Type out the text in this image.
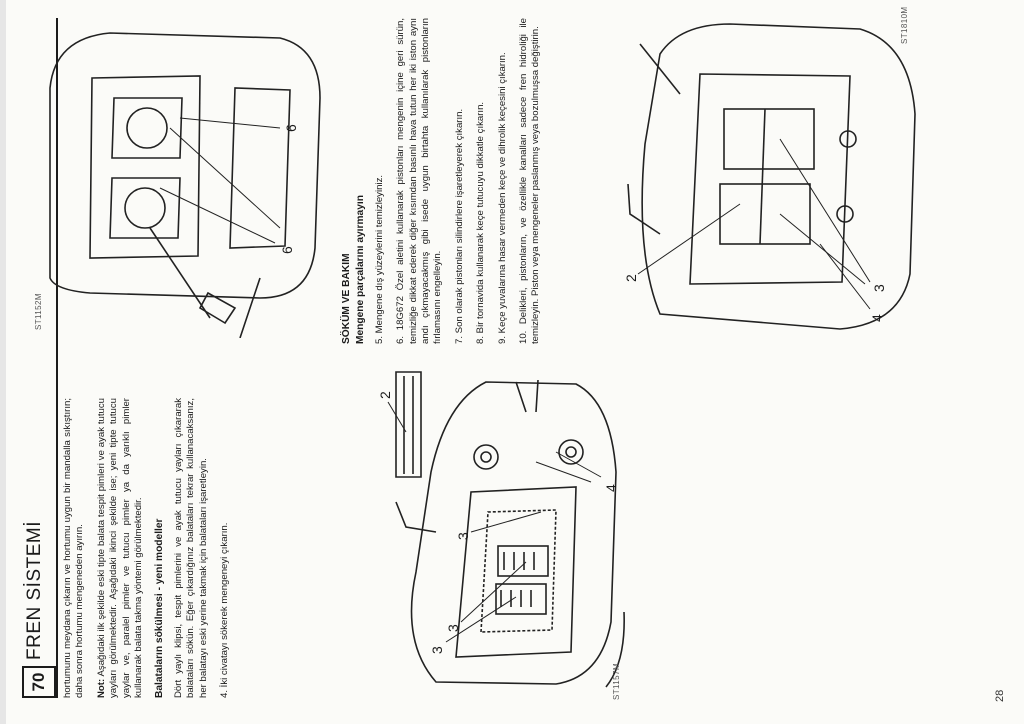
70
FREN SİSTEMİ hortumunu meydana çıkarın ve hortumu uygun bir mandalla sıkıştırın; daha sonra hortumu mengeneden ayırın. Not: Aşağıdaki ilk şekilde eski tipte balata tespit pimleri ve ayak tutucu yayları görülmektedir. Aşağıdaki ikinci şekilde ise; yeni tipte tutucu yaylar ve, paralel pimler ve tutucu pimler ya da yarıklı pimler kullanarak balata takma yöntemi görülmektedir. Balataların sökülmesi - yeni modeller Dört yaylı klipsi, tespit pimlerini ve ayak tutucu yayları çıkararak balataları sökün. Eğer çıkardığınız balataları tekrar kullanacaksanız, her balatayı eski yerine takmak için balataları işaretleyin. 4. İki civatayı sökerek mengeneyi çıkarın.	3
3
3
2
4
ST1157M
SÖKÜM VE BAKIM Mengene parçalarını ayırmayın 5. Mengene dış yüzeylerini temizleyiniz. 6. 18G672 Özel aletini kullanarak pistonları mengenin içine geri sürün, temizliğe dikkat ederek diğer kısımdan basınlı hava tutun her iki iston aynı andı çıkmayacakmış gibi isede uygun birtahta kullanılarak pistonların fırlamasını engelleyin. 7. Son olarak pistonları silindirlere işaretleyerek çıkarın. 8. Bir tornavida kullanarak keçe tutucuyu dikkatle çıkarın. 9. Keçe yuvalarına hasar vermeden keçe ve dihrolik keçesini çıkarın. 10. Delikleri, pistonların, ve özellikle kanalları sadece fren hidroliği ile temizleyin. Piston veya mengeneler paslanmış veya bozulmuşsa değiştirin.

6
6
ST1152M
2
4
3
ST1810M
28
